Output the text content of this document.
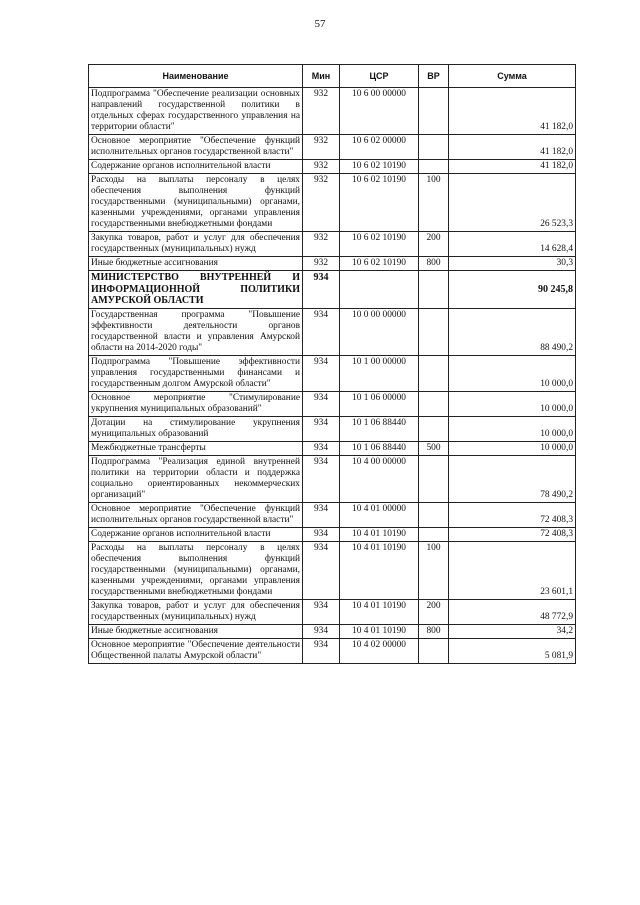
57
Наименование	Мин	ЦСР	ВР	Сумма
Подпрограмма "Обеспечение реализации основных направлений государственной политики в отдельных сферах государственного управления на территории области"	932	10 6 00 00000		41 182,0
Основное мероприятие "Обеспечение функций исполнительных органов государственной власти"	932	10 6 02 00000		41 182,0
Содержание органов исполнительной власти	932	10 6 02 10190		41 182,0
Расходы на выплаты персоналу в целях обеспечения выполнения функций государственными (муниципальными) органами, казенными учреждениями, органами управления государственными внебюджетными фондами	932	10 6 02 10190	100	26 523,3
Закупка товаров, работ и услуг для обеспечения государственных (муниципальных) нужд	932	10 6 02 10190	200	14 628,4
Иные бюджетные ассигнования	932	10 6 02 10190	800	30,3
МИНИСТЕРСТВО ВНУТРЕННЕЙ И ИНФОРМАЦИОННОЙ ПОЛИТИКИ АМУРСКОЙ ОБЛАСТИ	934			90 245,8
Государственная программа "Повышение эффективности деятельности органов государственной власти и управления Амурской области на 2014-2020 годы"	934	10 0 00 00000		88 490,2
Подпрограмма "Повышение эффективности управления государственными финансами и государственным долгом Амурской области"	934	10 1 00 00000		10 000,0
Основное мероприятие "Стимулирование укрупнения муниципальных образований"	934	10 1 06 00000		10 000,0
Дотации на стимулирование укрупнения муниципальных образований	934	10 1 06 88440		10 000,0
Межбюджетные трансферты	934	10 1 06 88440	500	10 000,0
Подпрограмма "Реализация единой внутренней политики на территории области и поддержка социально ориентированных некоммерческих организаций"	934	10 4 00 00000		78 490,2
Основное мероприятие "Обеспечение функций исполнительных органов государственной власти"	934	10 4 01 00000		72 408,3
Содержание органов исполнительной власти	934	10 4 01 10190		72 408,3
Расходы на выплаты персоналу в целях обеспечения выполнения функций государственными (муниципальными) органами, казенными учреждениями, органами управления государственными внебюджетными фондами	934	10 4 01 10190	100	23 601,1
Закупка товаров, работ и услуг для обеспечения государственных (муниципальных) нужд	934	10 4 01 10190	200	48 772,9
Иные бюджетные ассигнования	934	10 4 01 10190	800	34,2
Основное мероприятие "Обеспечение деятельности Общественной палаты Амурской области"	934	10 4 02 00000		5 081,9
